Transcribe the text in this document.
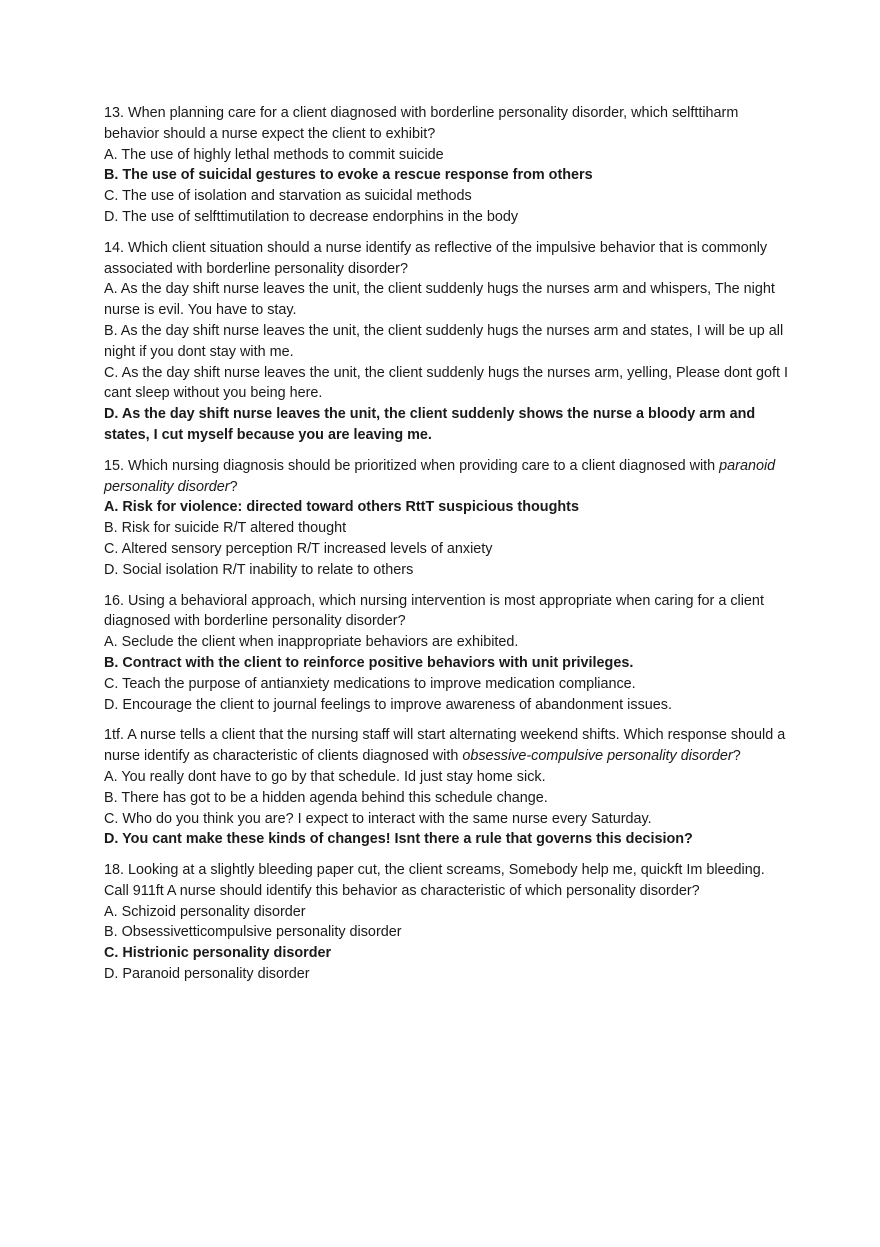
13. When planning care for a client diagnosed with borderline personality disorder, which selfttiharm behavior should a nurse expect the client to exhibit?

A. The use of highly lethal methods to commit suicide

B. The use of suicidal gestures to evoke a rescue response from others

C. The use of isolation and starvation as suicidal methods

D. The use of selfttimutilation to decrease endorphins in the body

14. Which client situation should a nurse identify as reflective of the impulsive behavior that is commonly associated with borderline personality disorder?

A. As the day shift nurse leaves the unit, the client suddenly hugs the nurses arm and whispers, The night nurse is evil. You have to stay.

B. As the day shift nurse leaves the unit, the client suddenly hugs the nurses arm and states, I will be up all night if you dont stay with me.

C. As the day shift nurse leaves the unit, the client suddenly hugs the nurses arm, yelling, Please dont goft I cant sleep without you being here.

D. As the day shift nurse leaves the unit, the client suddenly shows the nurse a bloody arm and states, I cut myself because you are leaving me.

15. Which nursing diagnosis should be prioritized when providing care to a client diagnosed with paranoid personality disorder?

A. Risk for violence: directed toward others RttT suspicious thoughts

B. Risk for suicide R/T altered thought

C. Altered sensory perception R/T increased levels of anxiety

D. Social isolation R/T inability to relate to others

16. Using a behavioral approach, which nursing intervention is most appropriate when caring for a client diagnosed with borderline personality disorder?

A. Seclude the client when inappropriate behaviors are exhibited.

B. Contract with the client to reinforce positive behaviors with unit privileges.

C. Teach the purpose of antianxiety medications to improve medication compliance.

D. Encourage the client to journal feelings to improve awareness of abandonment issues.

1tf. A nurse tells a client that the nursing staff will start alternating weekend shifts. Which response should a nurse identify as characteristic of clients diagnosed with obsessive-compulsive personality disorder?

A. You really dont have to go by that schedule. Id just stay home sick.

B. There has got to be a hidden agenda behind this schedule change.

C. Who do you think you are? I expect to interact with the same nurse every Saturday.

D. You cant make these kinds of changes! Isnt there a rule that governs this decision?

18. Looking at a slightly bleeding paper cut, the client screams, Somebody help me, quickft Im bleeding. Call 911ft A nurse should identify this behavior as characteristic of which personality disorder?

A. Schizoid personality disorder

B. Obsessivetticompulsive personality disorder

C. Histrionic personality disorder

D. Paranoid personality disorder
